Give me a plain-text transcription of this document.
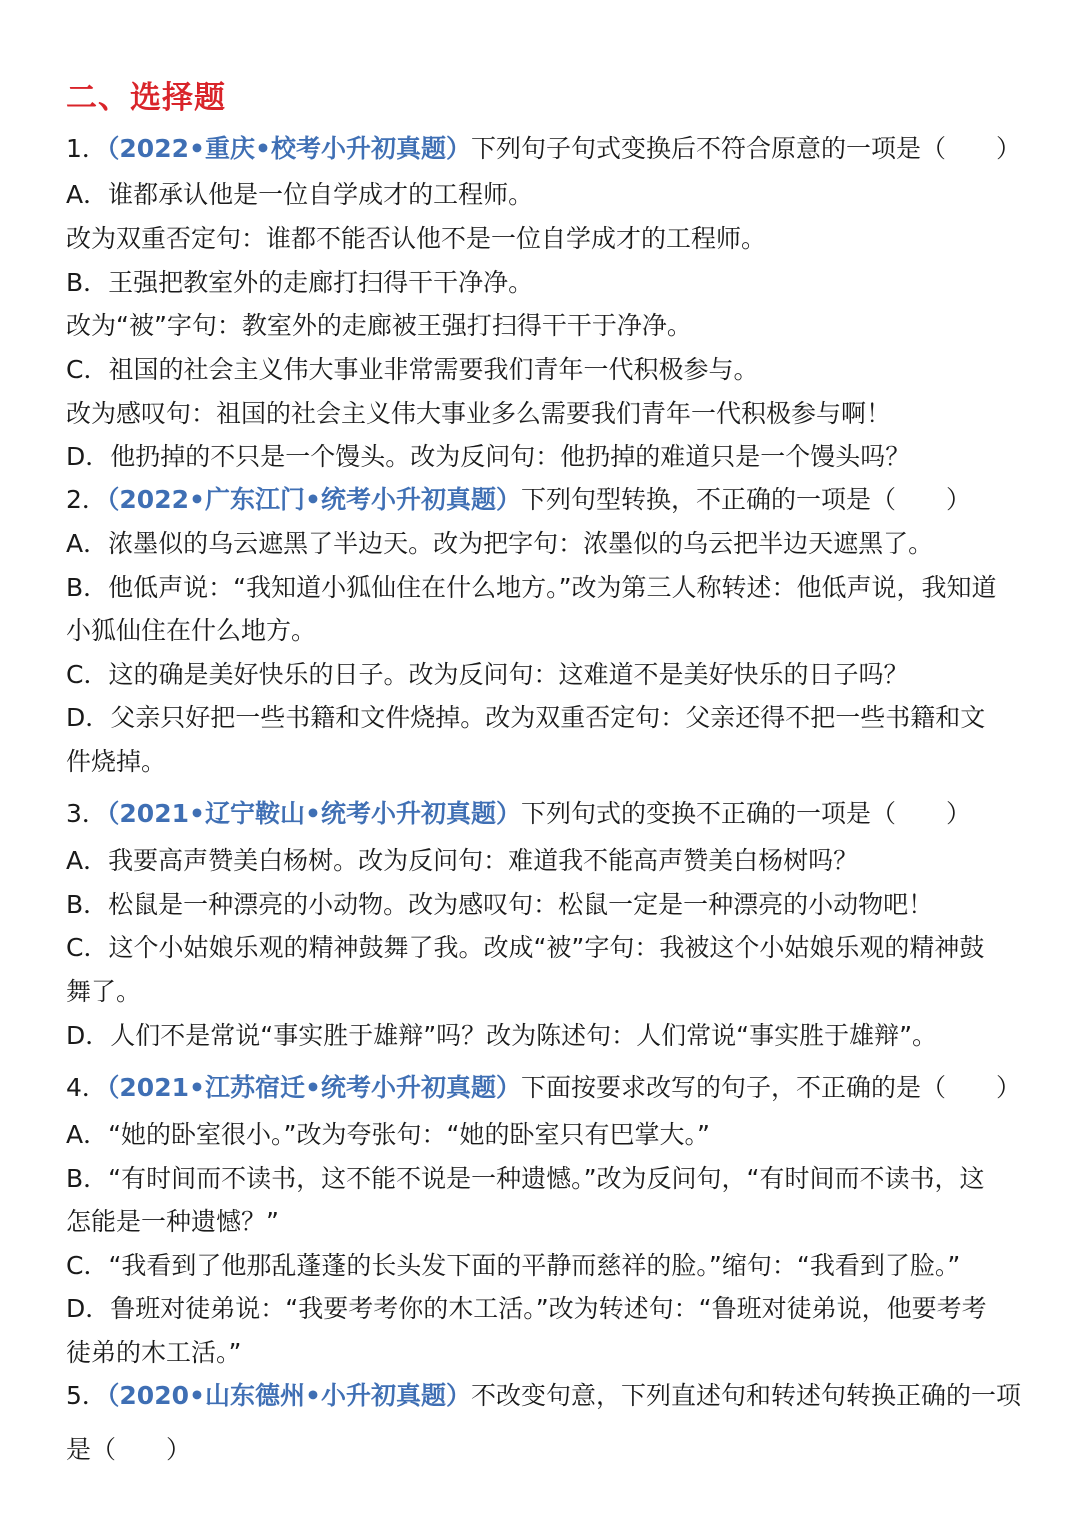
二、选择题
1．（2022•重庆•校考小升初真题）下列句子句式变换后不符合原意的一项是（　　）
A．谁都承认他是一位自学成才的工程师。
改为双重否定句：谁都不能否认他不是一位自学成才的工程师。
B．王强把教室外的走廊打扫得干干净净。
改为“被”字句：教室外的走廊被王强打扫得干干于净净。
C．祖国的社会主义伟大事业非常需要我们青年一代积极参与。
改为感叹句：祖国的社会主义伟大事业多么需要我们青年一代积极参与啊！
D．他扔掉的不只是一个馒头。改为反问句：他扔掉的难道只是一个馒头吗？
2．（2022•广东江门•统考小升初真题）下列句型转换，不正确的一项是（　　）
A．浓墨似的乌云遮黑了半边天。改为把字句：浓墨似的乌云把半边天遮黑了。
B．他低声说：“我知道小狐仙住在什么地方。”改为第三人称转述：他低声说，我知道
小狐仙住在什么地方。
C．这的确是美好快乐的日子。改为反问句：这难道不是美好快乐的日子吗？
D．父亲只好把一些书籍和文件烧掉。改为双重否定句：父亲还得不把一些书籍和文
件烧掉。
3．（2021•辽宁鞍山•统考小升初真题）下列句式的变换不正确的一项是（　　）
A．我要高声赞美白杨树。改为反问句：难道我不能高声赞美白杨树吗？
B．松鼠是一种漂亮的小动物。改为感叹句：松鼠一定是一种漂亮的小动物吧！
C．这个小姑娘乐观的精神鼓舞了我。改成“被”字句：我被这个小姑娘乐观的精神鼓
舞了。
D．人们不是常说“事实胜于雄辩”吗？改为陈述句：人们常说“事实胜于雄辩”。
4．（2021•江苏宿迁•统考小升初真题）下面按要求改写的句子，不正确的是（　　）
A．“她的卧室很小。”改为夸张句：“她的卧室只有巴掌大。”
B．“有时间而不读书，这不能不说是一种遗憾。”改为反问句，“有时间而不读书，这
怎能是一种遗憾？”
C．“我看到了他那乱蓬蓬的长头发下面的平静而慈祥的脸。”缩句：“我看到了脸。”
D．鲁班对徒弟说：“我要考考你的木工活。”改为转述句：“鲁班对徒弟说，他要考考
徒弟的木工活。”
5．（2020•山东德州•小升初真题）不改变句意，下列直述句和转述句转换正确的一项
是（　　）
